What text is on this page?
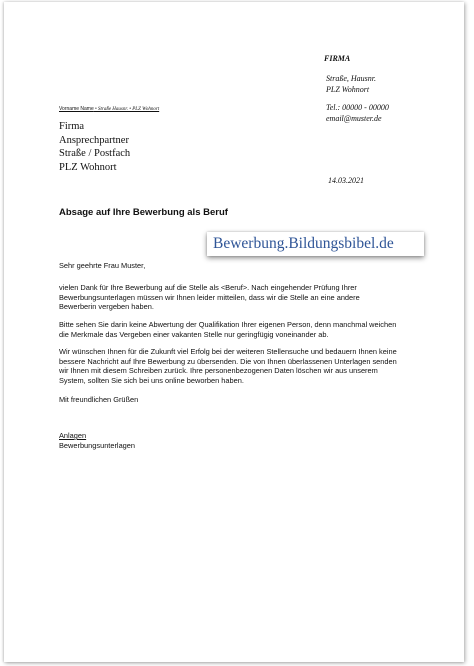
FIRMA
Straße, Hausnr.
PLZ Wohnort
Tel.: 00000 - 00000
email@muster.de
Vorname Name • Straße Hausnr. • PLZ Wohnort
Firma
Ansprechpartner
Straße / Postfach
PLZ Wohnort
14.03.2021
Absage auf Ihre Bewerbung als Beruf
Bewerbung.Bildungsbibel.de
Sehr geehrte Frau Muster,
vielen Dank für Ihre Bewerbung auf die Stelle als <Beruf>. Nach eingehender Prüfung Ihrer Bewerbungsunterlagen müssen wir Ihnen leider mitteilen, dass wir die Stelle an eine andere Bewerberin vergeben haben.
Bitte sehen Sie darin keine Abwertung der Qualifikation Ihrer eigenen Person, denn manchmal weichen die Merkmale das Vergeben einer vakanten Stelle nur geringfügig voneinander ab.
Wir wünschen Ihnen für die Zukunft viel Erfolg bei der weiteren Stellensuche und bedauern Ihnen keine bessere Nachricht auf Ihre Bewerbung zu übersenden. Die von Ihnen überlassenen Unterlagen senden wir Ihnen mit diesem Schreiben zurück. Ihre personenbezogenen Daten löschen wir aus unserem System, sollten Sie sich bei uns online beworben haben.
Mit freundlichen Grüßen
Anlagen
Bewerbungsunterlagen
